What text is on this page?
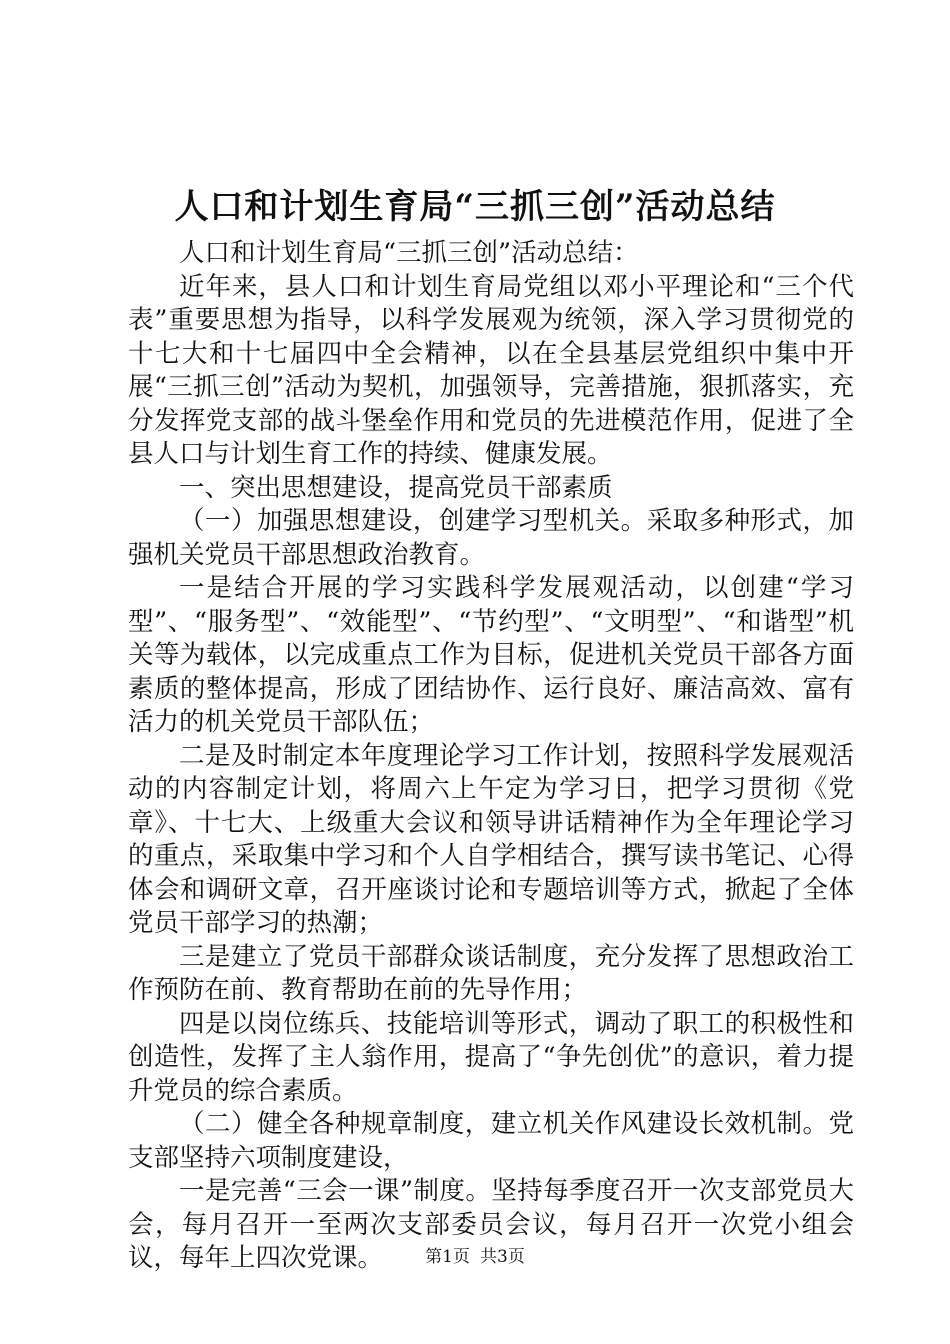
人口和计划生育局“三抓三创”活动总结

人口和计划生育局“三抓三创”活动总结：

近年来，县人口和计划生育局党组以邓小平理论和“三个代表”重要思想为指导，以科学发展观为统领，深入学习贯彻党的十七大和十七届四中全会精神，以在全县基层党组织中集中开展“三抓三创”活动为契机，加强领导，完善措施，狠抓落实，充分发挥党支部的战斗堡垒作用和党员的先进模范作用，促进了全县人口与计划生育工作的持续、健康发展。

一、突出思想建设，提高党员干部素质

（一）加强思想建设，创建学习型机关。采取多种形式，加强机关党员干部思想政治教育。

一是结合开展的学习实践科学发展观活动，以创建“学习型”、“服务型”、“效能型”、“节约型”、“文明型”、“和谐型”机关等为载体，以完成重点工作为目标，促进机关党员干部各方面素质的整体提高，形成了团结协作、运行良好、廉洁高效、富有活力的机关党员干部队伍；

二是及时制定本年度理论学习工作计划，按照科学发展观活动的内容制定计划，将周六上午定为学习日，把学习贯彻《党章》、十七大、上级重大会议和领导讲话精神作为全年理论学习的重点，采取集中学习和个人自学相结合，撰写读书笔记、心得体会和调研文章，召开座谈讨论和专题培训等方式，掀起了全体党员干部学习的热潮；

三是建立了党员干部群众谈话制度，充分发挥了思想政治工作预防在前、教育帮助在前的先导作用；

四是以岗位练兵、技能培训等形式，调动了职工的积极性和创造性，发挥了主人翁作用，提高了“争先创优”的意识，着力提升党员的综合素质。

（二）健全各种规章制度，建立机关作风建设长效机制。党支部坚持六项制度建设，

一是完善“三会一课”制度。坚持每季度召开一次支部党员大会，每月召开一至两次支部委员会议，每月召开一次党小组会议，每年上四次党课。	第1页 共3页
